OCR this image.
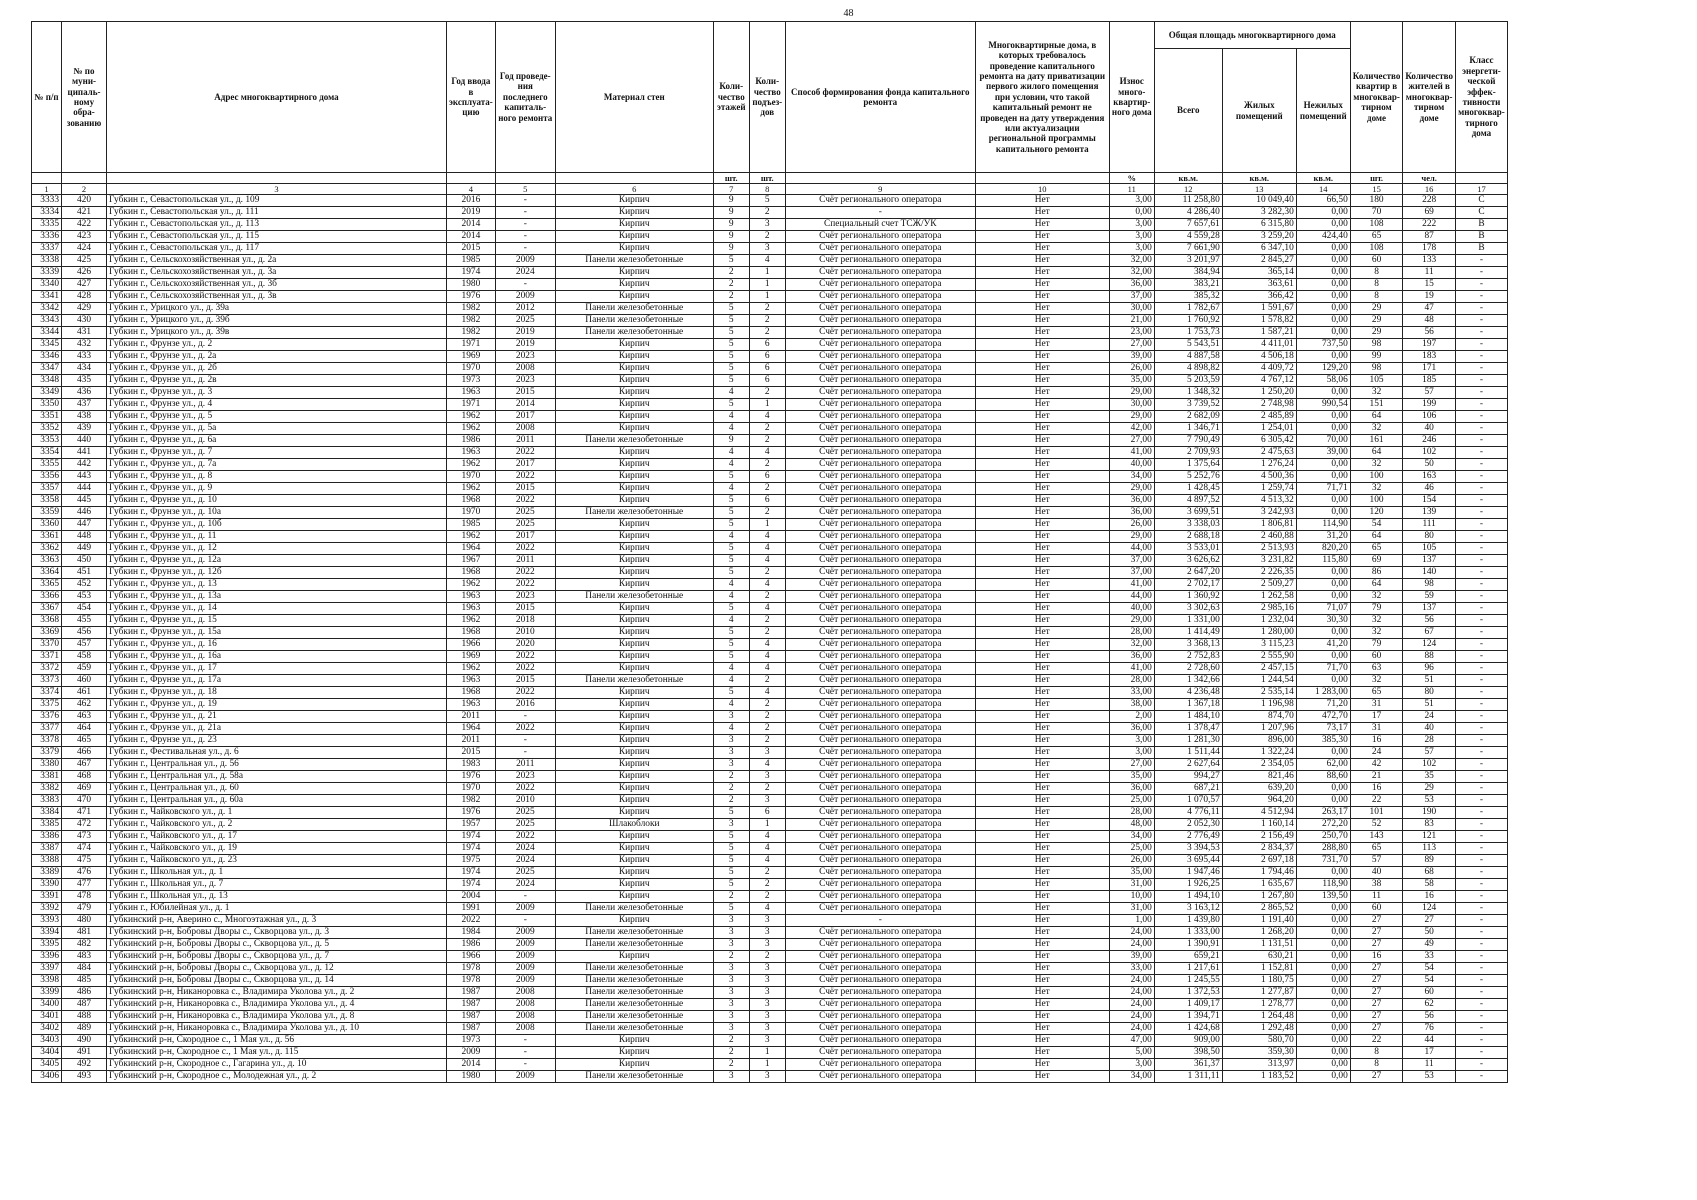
48
№ п/п	№ по муни-ципаль-ному обра-зованию	Адрес многоквартирного дома	Год ввода в эксплуата-цию	Год проведе-ния последнего капиталь-ного ремонта	Материал стен	Коли-чество этажей	Коли-чество подъез-дов	Способ формирования фонда капитального ремонта	Многоквартирные дома, в которых требовалось проведение капитального ремонта на дату приватизации первого жилого помещения при условии, что такой капитальный ремонт не проведен на дату утверждения или актуализации региональной программы капитального ремонта	Износ много-квартир-ного дома	Общая площадь многоквартирного дома			Количество квартир в многоквар-тирном доме	Количество жителей в многоквар-тирном доме	Класс энергети-ческой эффек-тивности многоквар-тирного дома
											Всего	Жилых помещений	Нежилых помещений			
						шт.	шт.			%	кв.м.	кв.м.	кв.м.	шт.	чел.	
1	2	3	4	5	6	7	8	9	10	11	12	13	14	15	16	17
3333	420	Губкин г., Севастопольская ул., д. 109	2016	-	Кирпич	9	5	Счёт регионального оператора	Нет	3,00	11 258,80	10 049,40	66,50	180	228	C
3334	421	Губкин г., Севастопольская ул., д. 111	2019	-	Кирпич	9	2	-	Нет	0,00	4 286,40	3 282,30	0,00	70	69	C
3335	422	Губкин г., Севастопольская ул., д. 113	2014	-	Кирпич	9	3	Специальный счет ТСЖ/УК	Нет	3,00	7 657,61	6 315,80	0,00	108	222	B
3336	423	Губкин г., Севастопольская ул., д. 115	2014	-	Кирпич	9	2	Счёт регионального оператора	Нет	3,00	4 559,28	3 259,20	424,40	65	87	B
3337	424	Губкин г., Севастопольская ул., д. 117	2015	-	Кирпич	9	3	Счёт регионального оператора	Нет	3,00	7 661,90	6 347,10	0,00	108	178	B
3338	425	Губкин г., Сельскохозяйственная ул., д. 2а	1985	2009	Панели железобетонные	5	4	Счёт регионального оператора	Нет	32,00	3 201,97	2 845,27	0,00	60	133	-
3339	426	Губкин г., Сельскохозяйственная ул., д. 3а	1974	2024	Кирпич	2	1	Счёт регионального оператора	Нет	32,00	384,94	365,14	0,00	8	11	-
3340	427	Губкин г., Сельскохозяйственная ул., д. 3б	1980	-	Кирпич	2	1	Счёт регионального оператора	Нет	36,00	383,21	363,61	0,00	8	15	-
3341	428	Губкин г., Сельскохозяйственная ул., д. 3в	1976	2009	Кирпич	2	1	Счёт регионального оператора	Нет	37,00	385,32	366,42	0,00	8	19	-
3342	429	Губкин г., Урицкого ул., д. 39а	1982	2012	Панели железобетонные	5	2	Счёт регионального оператора	Нет	30,00	1 782,67	1 591,67	0,00	29	47	-
3343	430	Губкин г., Урицкого ул., д. 39б	1982	2025	Панели железобетонные	5	2	Счёт регионального оператора	Нет	21,00	1 760,92	1 578,82	0,00	29	48	-
3344	431	Губкин г., Урицкого ул., д. 39в	1982	2019	Панели железобетонные	5	2	Счёт регионального оператора	Нет	23,00	1 753,73	1 587,21	0,00	29	56	-
3345	432	Губкин г., Фрунзе ул., д. 2	1971	2019	Кирпич	5	6	Счёт регионального оператора	Нет	27,00	5 543,51	4 411,01	737,50	98	197	-
3346	433	Губкин г., Фрунзе ул., д. 2а	1969	2023	Кирпич	5	6	Счёт регионального оператора	Нет	39,00	4 887,58	4 506,18	0,00	99	183	-
3347	434	Губкин г., Фрунзе ул., д. 2б	1970	2008	Кирпич	5	6	Счёт регионального оператора	Нет	26,00	4 898,82	4 409,72	129,20	98	171	-
3348	435	Губкин г., Фрунзе ул., д. 2в	1973	2023	Кирпич	5	6	Счёт регионального оператора	Нет	35,00	5 203,59	4 767,12	58,06	105	185	-
3349	436	Губкин г., Фрунзе ул., д. 3	1963	2015	Кирпич	4	2	Счёт регионального оператора	Нет	29,00	1 348,32	1 250,20	0,00	32	57	-
3350	437	Губкин г., Фрунзе ул., д. 4	1971	2014	Кирпич	5	1	Счёт регионального оператора	Нет	30,00	3 739,52	2 748,98	990,54	151	199	-
3351	438	Губкин г., Фрунзе ул., д. 5	1962	2017	Кирпич	4	4	Счёт регионального оператора	Нет	29,00	2 682,09	2 485,89	0,00	64	106	-
3352	439	Губкин г., Фрунзе ул., д. 5а	1962	2008	Кирпич	4	2	Счёт регионального оператора	Нет	42,00	1 346,71	1 254,01	0,00	32	40	-
3353	440	Губкин г., Фрунзе ул., д. 6а	1986	2011	Панели железобетонные	9	2	Счёт регионального оператора	Нет	27,00	7 790,49	6 305,42	70,00	161	246	-
3354	441	Губкин г., Фрунзе ул., д. 7	1963	2022	Кирпич	4	4	Счёт регионального оператора	Нет	41,00	2 709,93	2 475,63	39,00	64	102	-
3355	442	Губкин г., Фрунзе ул., д. 7а	1962	2017	Кирпич	4	2	Счёт регионального оператора	Нет	40,00	1 375,64	1 276,24	0,00	32	50	-
3356	443	Губкин г., Фрунзе ул., д. 8	1970	2022	Кирпич	5	6	Счёт регионального оператора	Нет	34,00	5 252,76	4 500,36	0,00	100	163	-
3357	444	Губкин г., Фрунзе ул., д. 9	1962	2015	Кирпич	4	2	Счёт регионального оператора	Нет	29,00	1 428,45	1 259,74	71,71	32	46	-
3358	445	Губкин г., Фрунзе ул., д. 10	1968	2022	Кирпич	5	6	Счёт регионального оператора	Нет	36,00	4 897,52	4 513,32	0,00	100	154	-
3359	446	Губкин г., Фрунзе ул., д. 10а	1970	2025	Панели железобетонные	5	2	Счёт регионального оператора	Нет	36,00	3 699,51	3 242,93	0,00	120	139	-
3360	447	Губкин г., Фрунзе ул., д. 10б	1985	2025	Кирпич	5	1	Счёт регионального оператора	Нет	26,00	3 338,03	1 806,81	114,90	54	111	-
3361	448	Губкин г., Фрунзе ул., д. 11	1962	2017	Кирпич	4	4	Счёт регионального оператора	Нет	29,00	2 688,18	2 460,88	31,20	64	80	-
3362	449	Губкин г., Фрунзе ул., д. 12	1964	2022	Кирпич	5	4	Счёт регионального оператора	Нет	44,00	3 533,01	2 513,93	820,20	65	105	-
3363	450	Губкин г., Фрунзе ул., д. 12а	1967	2011	Кирпич	5	4	Счёт регионального оператора	Нет	37,00	3 626,62	3 231,82	115,80	69	137	-
3364	451	Губкин г., Фрунзе ул., д. 12б	1968	2022	Кирпич	5	2	Счёт регионального оператора	Нет	37,00	2 647,20	2 226,35	0,00	86	140	-
3365	452	Губкин г., Фрунзе ул., д. 13	1962	2022	Кирпич	4	4	Счёт регионального оператора	Нет	41,00	2 702,17	2 509,27	0,00	64	98	-
3366	453	Губкин г., Фрунзе ул., д. 13а	1963	2023	Панели железобетонные	4	2	Счёт регионального оператора	Нет	44,00	1 360,92	1 262,58	0,00	32	59	-
3367	454	Губкин г., Фрунзе ул., д. 14	1963	2015	Кирпич	5	4	Счёт регионального оператора	Нет	40,00	3 302,63	2 985,16	71,07	79	137	-
3368	455	Губкин г., Фрунзе ул., д. 15	1962	2018	Кирпич	4	2	Счёт регионального оператора	Нет	29,00	1 331,00	1 232,04	30,30	32	56	-
3369	456	Губкин г., Фрунзе ул., д. 15а	1968	2010	Кирпич	5	2	Счёт регионального оператора	Нет	28,00	1 414,49	1 280,00	0,00	32	67	-
3370	457	Губкин г., Фрунзе ул., д. 16	1966	2020	Кирпич	5	4	Счёт регионального оператора	Нет	32,00	3 368,13	3 115,23	41,20	79	124	-
3371	458	Губкин г., Фрунзе ул., д. 16а	1969	2022	Кирпич	5	4	Счёт регионального оператора	Нет	36,00	2 752,83	2 555,90	0,00	60	88	-
3372	459	Губкин г., Фрунзе ул., д. 17	1962	2022	Кирпич	4	4	Счёт регионального оператора	Нет	41,00	2 728,60	2 457,15	71,70	63	96	-
3373	460	Губкин г., Фрунзе ул., д. 17а	1963	2015	Панели железобетонные	4	2	Счёт регионального оператора	Нет	28,00	1 342,66	1 244,54	0,00	32	51	-
3374	461	Губкин г., Фрунзе ул., д. 18	1968	2022	Кирпич	5	4	Счёт регионального оператора	Нет	33,00	4 236,48	2 535,14	1 283,00	65	80	-
3375	462	Губкин г., Фрунзе ул., д. 19	1963	2016	Кирпич	4	2	Счёт регионального оператора	Нет	38,00	1 367,18	1 196,98	71,20	31	51	-
3376	463	Губкин г., Фрунзе ул., д. 21	2011	-	Кирпич	3	2	Счёт регионального оператора	Нет	2,00	1 484,10	874,70	472,70	17	24	-
3377	464	Губкин г., Фрунзе ул., д. 21а	1964	2022	Кирпич	4	2	Счёт регионального оператора	Нет	36,00	1 378,47	1 207,96	73,17	31	40	-
3378	465	Губкин г., Фрунзе ул., д. 23	2011	-	Кирпич	3	2	Счёт регионального оператора	Нет	3,00	1 281,30	896,00	385,30	16	28	-
3379	466	Губкин г., Фестивальная ул., д. 6	2015	-	Кирпич	3	3	Счёт регионального оператора	Нет	3,00	1 511,44	1 322,24	0,00	24	57	-
3380	467	Губкин г., Центральная ул., д. 56	1983	2011	Кирпич	3	4	Счёт регионального оператора	Нет	27,00	2 627,64	2 354,05	62,00	42	102	-
3381	468	Губкин г., Центральная ул., д. 58а	1976	2023	Кирпич	2	3	Счёт регионального оператора	Нет	35,00	994,27	821,46	88,60	21	35	-
3382	469	Губкин г., Центральная ул., д. 60	1970	2022	Кирпич	2	2	Счёт регионального оператора	Нет	36,00	687,21	639,20	0,00	16	29	-
3383	470	Губкин г., Центральная ул., д. 60а	1982	2010	Кирпич	2	3	Счёт регионального оператора	Нет	25,00	1 070,57	964,20	0,00	22	53	-
3384	471	Губкин г., Чайковского ул., д. 1	1976	2025	Кирпич	5	6	Счёт регионального оператора	Нет	28,00	4 776,11	4 512,94	263,17	101	190	-
3385	472	Губкин г., Чайковского ул., д. 2	1957	2025	Шлакоблоки	3	1	Счёт регионального оператора	Нет	48,00	2 052,30	1 160,14	272,20	52	83	-
3386	473	Губкин г., Чайковского ул., д. 17	1974	2022	Кирпич	5	4	Счёт регионального оператора	Нет	34,00	2 776,49	2 156,49	250,70	143	121	-
3387	474	Губкин г., Чайковского ул., д. 19	1974	2024	Кирпич	5	4	Счёт регионального оператора	Нет	25,00	3 394,53	2 834,37	288,80	65	113	-
3388	475	Губкин г., Чайковского ул., д. 23	1975	2024	Кирпич	5	4	Счёт регионального оператора	Нет	26,00	3 695,44	2 697,18	731,70	57	89	-
3389	476	Губкин г., Школьная ул., д. 1	1974	2025	Кирпич	5	2	Счёт регионального оператора	Нет	35,00	1 947,46	1 794,46	0,00	40	68	-
3390	477	Губкин г., Школьная ул., д. 7	1974	2024	Кирпич	5	2	Счёт регионального оператора	Нет	31,00	1 926,25	1 635,67	118,90	38	58	-
3391	478	Губкин г., Школьная ул., д. 13	2004	-	Кирпич	2	2	Счёт регионального оператора	Нет	10,00	1 494,10	1 267,80	139,50	11	16	-
3392	479	Губкин г., Юбилейная ул., д. 1	1991	2009	Панели железобетонные	5	4	Счёт регионального оператора	Нет	31,00	3 163,12	2 865,52	0,00	60	124	-
3393	480	Губкинский р-н, Аверино с., Многоэтажная ул., д. 3	2022	-	Кирпич	3	3	-	Нет	1,00	1 439,80	1 191,40	0,00	27	27	-
3394	481	Губкинский р-н, Бобровы Дворы с., Скворцова ул., д. 3	1984	2009	Панели железобетонные	3	3	Счёт регионального оператора	Нет	24,00	1 333,00	1 268,20	0,00	27	50	-
3395	482	Губкинский р-н, Бобровы Дворы с., Скворцова ул., д. 5	1986	2009	Панели железобетонные	3	3	Счёт регионального оператора	Нет	24,00	1 390,91	1 131,51	0,00	27	49	-
3396	483	Губкинский р-н, Бобровы Дворы с., Скворцова ул., д. 7	1966	2009	Кирпич	2	2	Счёт регионального оператора	Нет	39,00	659,21	630,21	0,00	16	33	-
3397	484	Губкинский р-н, Бобровы Дворы с., Скворцова ул., д. 12	1978	2009	Панели железобетонные	3	3	Счёт регионального оператора	Нет	33,00	1 217,61	1 152,81	0,00	27	54	-
3398	485	Губкинский р-н, Бобровы Дворы с., Скворцова ул., д. 14	1978	2009	Панели железобетонные	3	3	Счёт регионального оператора	Нет	24,00	1 245,55	1 180,75	0,00	27	54	-
3399	486	Губкинский р-н, Никаноровка с., Владимира Уколова ул., д. 2	1987	2008	Панели железобетонные	3	3	Счёт регионального оператора	Нет	24,00	1 372,53	1 277,87	0,00	27	60	-
3400	487	Губкинский р-н, Никаноровка с., Владимира Уколова ул., д. 4	1987	2008	Панели железобетонные	3	3	Счёт регионального оператора	Нет	24,00	1 409,17	1 278,77	0,00	27	62	-
3401	488	Губкинский р-н, Никаноровка с., Владимира Уколова ул., д. 8	1987	2008	Панели железобетонные	3	3	Счёт регионального оператора	Нет	24,00	1 394,71	1 264,48	0,00	27	56	-
3402	489	Губкинский р-н, Никаноровка с., Владимира Уколова ул., д. 10	1987	2008	Панели железобетонные	3	3	Счёт регионального оператора	Нет	24,00	1 424,68	1 292,48	0,00	27	76	-
3403	490	Губкинский р-н, Скородное с., 1 Мая ул., д. 56	1973	-	Кирпич	2	3	Счёт регионального оператора	Нет	47,00	909,00	580,70	0,00	22	44	-
3404	491	Губкинский р-н, Скородное с., 1 Мая ул., д. 115	2009	-	Кирпич	2	1	Счёт регионального оператора	Нет	5,00	398,50	359,30	0,00	8	17	-
3405	492	Губкинский р-н, Скородное с., Гагарина ул., д. 10	2014	-	Кирпич	2	1	Счёт регионального оператора	Нет	3,00	361,37	313,97	0,00	8	11	-
3406	493	Губкинский р-н, Скородное с., Молодежная ул., д. 2	1980	2009	Панели железобетонные	3	3	Счёт регионального оператора	Нет	34,00	1 311,11	1 183,52	0,00	27	53	-
